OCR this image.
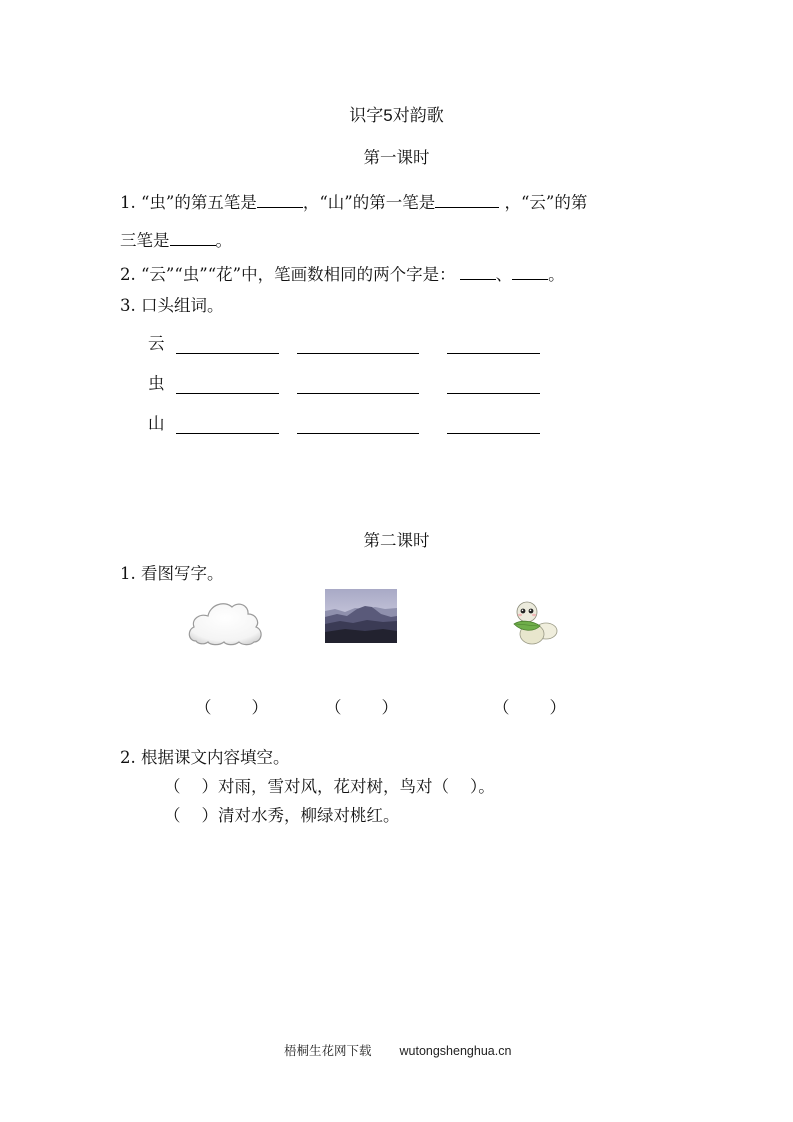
识字5对韵歌
第一课时
1. “虫”的第五笔是	，“山”的第一笔是	，“云”的第
三笔是	。
2. “云”“虫”“花”中，笔画数相同的两个字是： 、 。
3. 口头组词。
云
虫
山
第二课时
1. 看图写字。
（ ）	（ ）	（ ）
2. 根据课文内容填空。
（    ）对雨，雪对风，花对树，鸟对（    ）。
（    ）清对水秀，柳绿对桃红。
梧桐生花网下载 wutongshenghua.cn
